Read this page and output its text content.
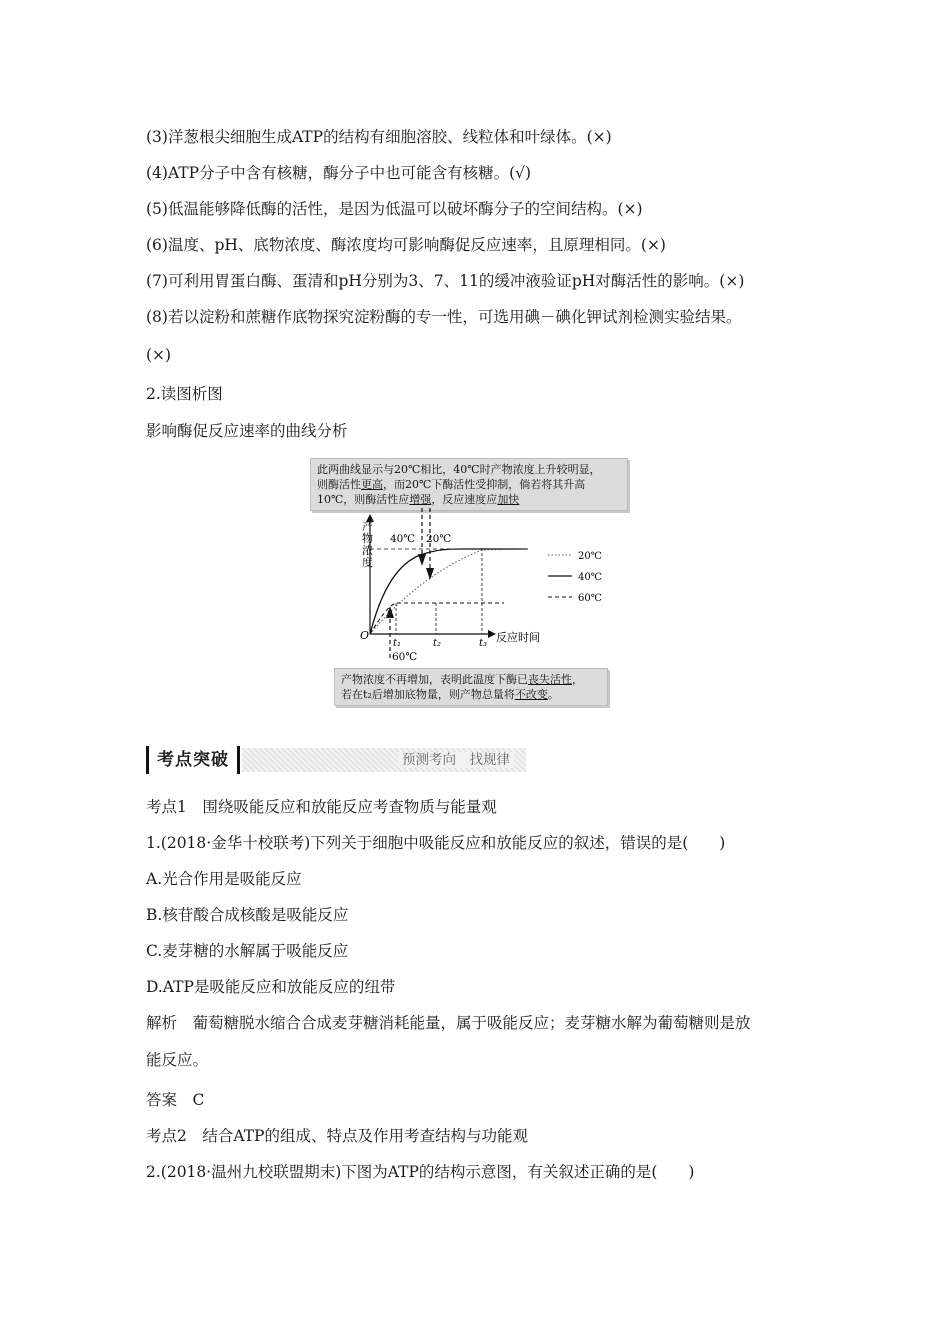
(3)洋葱根尖细胞生成ATP的结构有细胞溶胶、线粒体和叶绿体。(×)
(4)ATP分子中含有核糖，酶分子中也可能含有核糖。(√)
(5)低温能够降低酶的活性，是因为低温可以破坏酶分子的空间结构。(×)
(6)温度、pH、底物浓度、酶浓度均可影响酶促反应速率，且原理相同。(×)
(7)可利用胃蛋白酶、蛋清和pH分别为3、7、11的缓冲液验证pH对酶活性的影响。(×)
(8)若以淀粉和蔗糖作底物探究淀粉酶的专一性，可选用碘－碘化钾试剂检测实验结果。
(×)
2.读图析图
影响酶促反应速率的曲线分析
此两曲线显示与20℃相比，40℃时产物浓度上升较明显，
则酶活性更高，而20℃下酶活性受抑制，倘若将其升高
10℃，则酶活性应增强，反应速度应加快
产物浓度
O	反应时间
t₁	t₂	t₃
40℃ 20℃
60℃
20℃
40℃
60℃
产物浓度不再增加，表明此温度下酶已丧失活性，
若在t₂后增加底物量，则产物总量将不改变。
考点突破	预测考向　找规律
考点1　围绕吸能反应和放能反应考查物质与能量观
1.(2018·金华十校联考)下列关于细胞中吸能反应和放能反应的叙述，错误的是(　　)
A.光合作用是吸能反应
B.核苷酸合成核酸是吸能反应
C.麦芽糖的水解属于吸能反应
D.ATP是吸能反应和放能反应的纽带
解析　葡萄糖脱水缩合合成麦芽糖消耗能量，属于吸能反应；麦芽糖水解为葡萄糖则是放
能反应。
答案　C
考点2　结合ATP的组成、特点及作用考查结构与功能观
2.(2018·温州九校联盟期末)下图为ATP的结构示意图，有关叙述正确的是(　　)
